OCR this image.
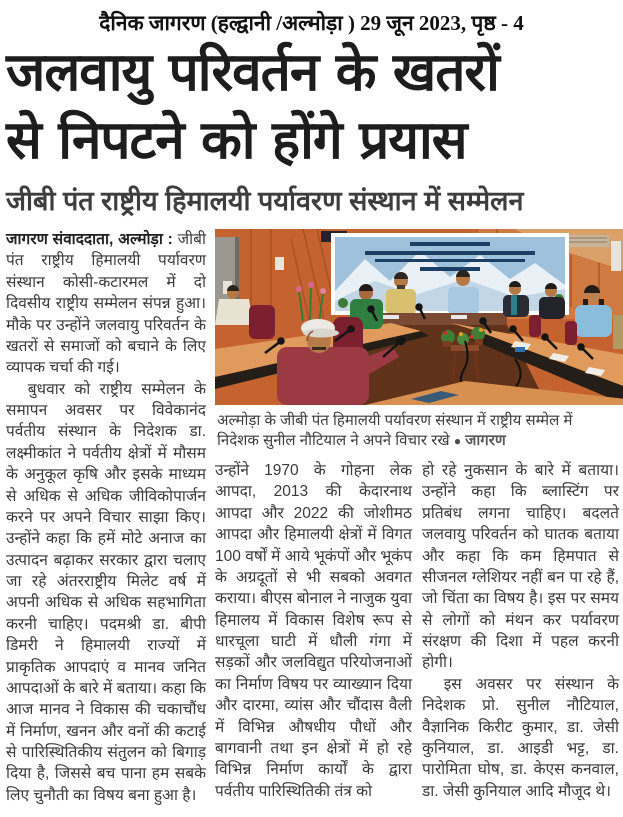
दैनिक जागरण (हल्द्वानी /अल्मोड़ा ) 29 जून 2023, पृष्ठ - 4
जलवायु परिवर्तन के खतरों
से निपटने को होंगे प्रयास
जीबी पंत राष्ट्रीय हिमालयी पर्यावरण संस्थान में सम्मेलन

जागरण संवाददाता, अल्मोड़ा : जीबी पंत राष्ट्रीय हिमालयी पर्यावरण संस्थान कोसी-कटारमल में दो दिवसीय राष्ट्रीय सम्मेलन संपन्न हुआ। मौके पर उन्होंने जलवायु परिवर्तन के खतरों से समाजों को बचाने के लिए व्यापक चर्चा की गई।

बुधवार को राष्ट्रीय सम्मेलन के समापन अवसर पर विवेकानंद पर्वतीय संस्थान के निदेशक डा. लक्ष्मीकांत ने पर्वतीय क्षेत्रों में मौसम के अनुकूल कृषि और इसके माध्यम से अधिक से अधिक जीविकोपार्जन करने पर अपने विचार साझा किए। उन्होंने कहा कि हमें मोटे अनाज का उत्पादन बढ़ाकर सरकार द्वारा चलाए जा रहे अंतरराष्ट्रीय मिलेट वर्ष में अपनी अधिक से अधिक सहभागिता करनी चाहिए। पदमश्री डा. बीपी डिमरी ने हिमालयी राज्यों में प्राकृतिक आपदाएं व मानव जनित आपदाओं के बारे में बताया। कहा कि आज मानव ने विकास की चकाचौंध में निर्माण, खनन और वनों की कटाई से पारिस्थितिकीय संतुलन को बिगाड़ दिया है, जिससे बच पाना हम सबके लिए चुनौती का विषय बना हुआ है।

अल्मोड़ा के जीबी पंत हिमालयी पर्यावरण संस्थान में राष्ट्रीय सम्मेल में निदेशक सुनील नौटियाल ने अपने विचार रखे ● जागरण

उन्होंने 1970 के गोहना लेक आपदा, 2013 की केदारनाथ आपदा और 2022 की जोशीमठ आपदा और हिमालयी क्षेत्रों में विगत 100 वर्षों में आये भूकंपों और भूकंप के अग्रदूतों से भी सबको अवगत कराया। बीएस बोनाल ने नाजुक युवा हिमालय में विकास विशेष रूप से धारचूला घाटी में धौली गंगा में सड़कों और जलविद्युत परियोजनाओं का निर्माण विषय पर व्याख्यान दिया और दारमा, व्यांस और चौंदास वैली में विभिन्न औषधीय पौधों और बागवानी तथा इन क्षेत्रों में हो रहे विभिन्न निर्माण कार्यों के द्वारा पर्वतीय पारिस्थितिकी तंत्र को

हो रहे नुकसान के बारे में बताया। उन्होंने कहा कि ब्लास्टिंग पर प्रतिबंध लगना चाहिए। बदलते जलवायु परिवर्तन को घातक बताया और कहा कि कम हिमपात से सीजनल ग्लेशियर नहीं बन पा रहे हैं, जो चिंता का विषय है। इस पर समय से लोगों को मंथन कर पर्यावरण संरक्षण की दिशा में पहल करनी होगी।

इस अवसर पर संस्थान के निदेशक प्रो. सुनील नौटियाल, वैज्ञानिक किरीट कुमार, डा. जेसी कुनियाल, डा. आइडी भट्ट, डा. पारोमिता घोष, डा. केएस कनवाल, डा. जेसी कुनियाल आदि मौजूद थे।
